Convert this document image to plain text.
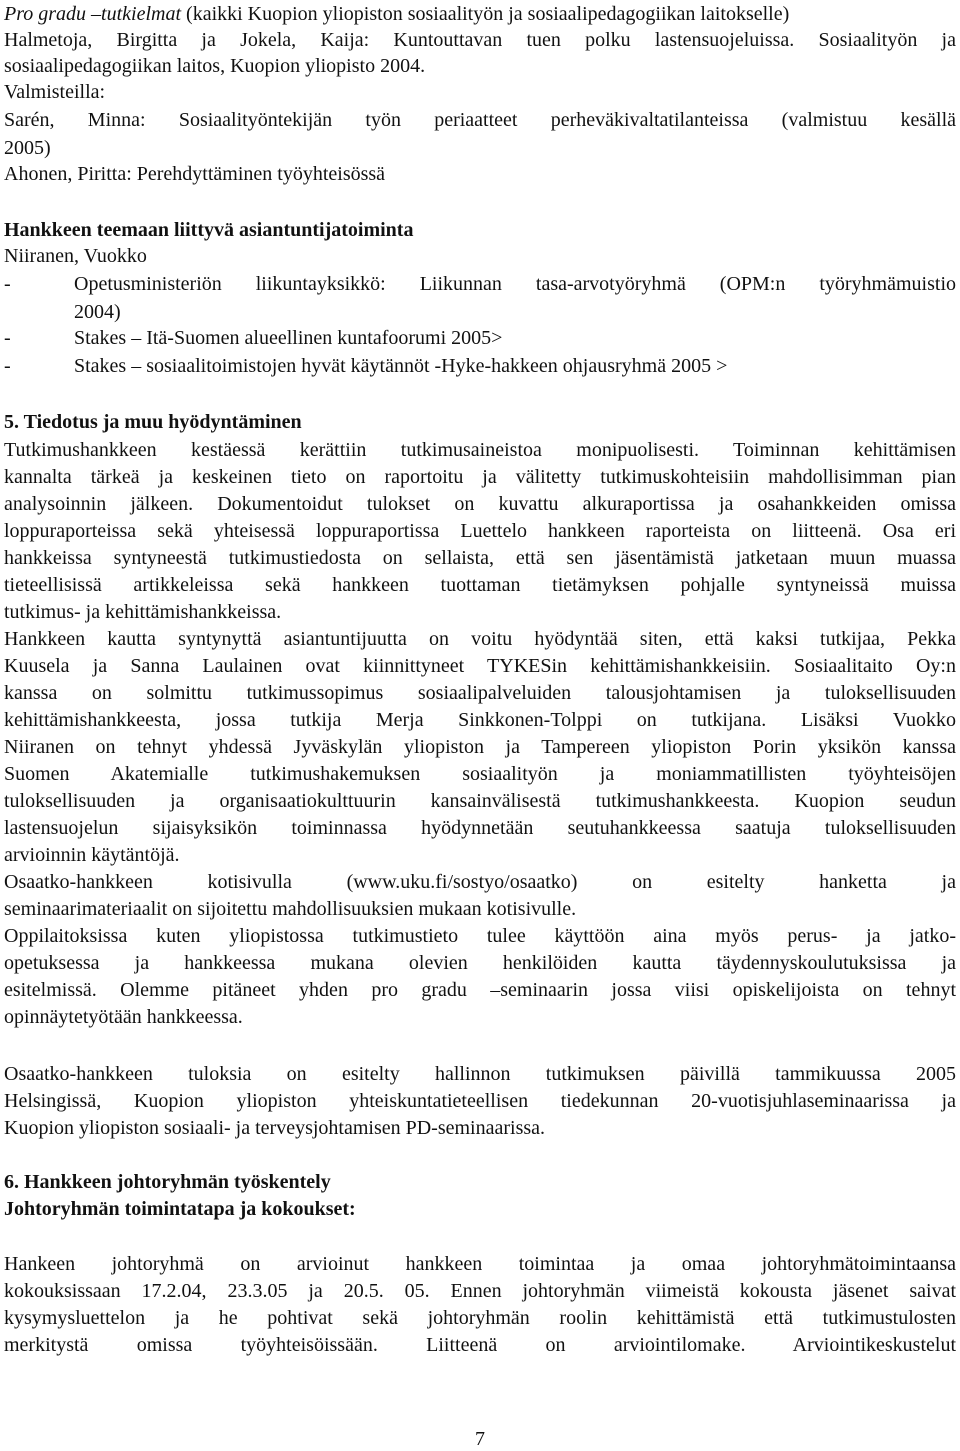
Pro gradu –tutkielmat (kaikki Kuopion yliopiston sosiaalityön ja sosiaalipedagogiikan laitokselle)
Halmetoja, Birgitta ja Jokela, Kaija: Kuntouttavan tuen polku lastensuojeluissa. Sosiaalityön ja
sosiaalipedagogiikan laitos, Kuopion yliopisto 2004.
Valmisteilla:
Sarén, Minna: Sosiaalityöntekijän työn periaatteet perheväkivaltatilanteissa (valmistuu kesällä
2005)
Ahonen, Piritta: Perehdyttäminen työyhteisössä
Hankkeen teemaan liittyvä asiantuntijatoiminta
Niiranen, Vuokko
-	Opetusministeriön liikuntayksikkö: Liikunnan tasa-arvotyöryhmä (OPM:n työryhmämuistio
2004)
-	Stakes – Itä-Suomen alueellinen kuntafoorumi 2005>
-	Stakes – sosiaalitoimistojen hyvät käytännöt -Hyke-hakkeen ohjausryhmä 2005 >
5. Tiedotus ja muu hyödyntäminen
Tutkimushankkeen kestäessä kerättiin tutkimusaineistoa monipuolisesti. Toiminnan kehittämisen
kannalta tärkeä ja keskeinen tieto on raportoitu ja välitetty tutkimuskohteisiin mahdollisimman pian
analysoinnin jälkeen. Dokumentoidut tulokset on kuvattu alkuraportissa ja osahankkeiden omissa
loppuraporteissa sekä yhteisessä loppuraportissa Luettelo hankkeen raporteista on liitteenä. Osa eri
hankkeissa syntyneestä tutkimustiedosta on sellaista, että sen jäsentämistä jatketaan muun muassa
tieteellisissä artikkeleissa sekä hankkeen tuottaman tietämyksen pohjalle syntyneissä muissa
tutkimus- ja kehittämishankkeissa.
Hankkeen kautta syntynyttä asiantuntijuutta on voitu hyödyntää siten, että kaksi tutkijaa, Pekka
Kuusela ja Sanna Laulainen ovat kiinnittyneet TYKESin kehittämishankkeisiin. Sosiaalitaito Oy:n
kanssa on solmittu tutkimussopimus sosiaalipalveluiden talousjohtamisen ja tuloksellisuuden
kehittämishankkeesta, jossa tutkija Merja Sinkkonen-Tolppi on tutkijana. Lisäksi Vuokko
Niiranen on tehnyt yhdessä Jyväskylän yliopiston ja Tampereen yliopiston Porin yksikön kanssa
Suomen Akatemialle tutkimushakemuksen sosiaalityön ja moniammatillisten työyhteisöjen
tuloksellisuuden ja organisaatiokulttuurin kansainvälisestä tutkimushankkeesta. Kuopion seudun
lastensuojelun sijaisyksikön toiminnassa hyödynnetään seutuhankkeessa saatuja tuloksellisuuden
arvioinnin käytäntöjä.
Osaatko-hankkeen kotisivulla (www.uku.fi/sostyo/osaatko) on esitelty hanketta ja
seminaarimateriaalit on sijoitettu mahdollisuuksien mukaan kotisivulle.
Oppilaitoksissa kuten yliopistossa tutkimustieto tulee käyttöön aina myös perus- ja jatko-
opetuksessa ja hankkeessa mukana olevien henkilöiden kautta täydennyskoulutuksissa ja
esitelmissä. Olemme pitäneet yhden pro gradu –seminaarin jossa viisi opiskelijoista on tehnyt
opinnäytetyötään hankkeessa.
Osaatko-hankkeen tuloksia on esitelty hallinnon tutkimuksen päivillä tammikuussa 2005
Helsingissä, Kuopion yliopiston yhteiskuntatieteellisen tiedekunnan 20-vuotisjuhlaseminaarissa ja
Kuopion yliopiston sosiaali- ja terveysjohtamisen PD-seminaarissa.
6. Hankkeen johtoryhmän työskentely
Johtoryhmän toimintatapa ja kokoukset:
Hankeen johtoryhmä on arvioinut hankkeen toimintaa ja omaa johtoryhmätoimintaansa
kokouksissaan 17.2.04, 23.3.05 ja 20.5. 05. Ennen johtoryhmän viimeistä kokousta jäsenet saivat
kysymysluettelon ja he pohtivat sekä johtoryhmän roolin kehittämistä että tutkimustulosten
merkitystä omissa työyhteisöissään. Liitteenä on arviointilomake. Arviointikeskustelut
7
